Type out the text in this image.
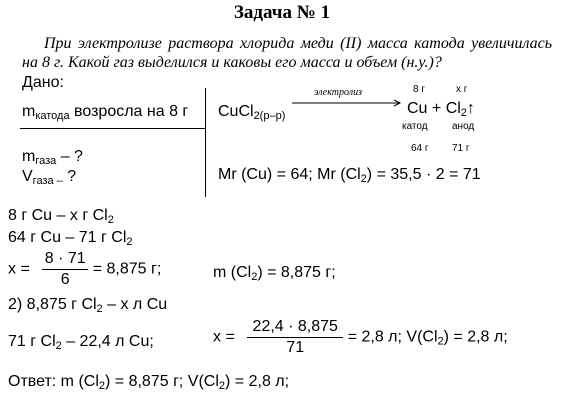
Задача № 1
При электролизе раствора хлорида меди (II) масса катода увеличилась на 8 г. Какой газ выделился и каковы его масса и объем (н.у.)?
Дано:
$m_{катода}$ возросла на 8 г
$m_{газа}$ – ?
$V_{газа -}$ ?
CuCl$_{2(р-р)}$
электролиз	8 г	х г
$Cu + Cl_2↑$
катод анод
64 г 71 г
Mr (Cu) = 64; Mr $(Cl_2) = 35,5 \cdot 2 = 71$
8 г Cu – х г $Cl_2$
64 г Cu – 71 г $Cl_2$
$х = \frac{8 \cdot 71}{6} = 8,875$ г;	m $(Cl_2) = 8,875$ г;
2) 8,875 г $Cl_2$ – х л Cu
71 г $Cl_2 - 22,4$ л Cu;	$х = \frac{22,4 \cdot 8,875}{71} = 2,8$ л; $V(Cl_2) = 2,8$ л;
Ответ: m $(Cl_2) = 8,875$ г; $V(Cl_2) = 2,8$ л;
